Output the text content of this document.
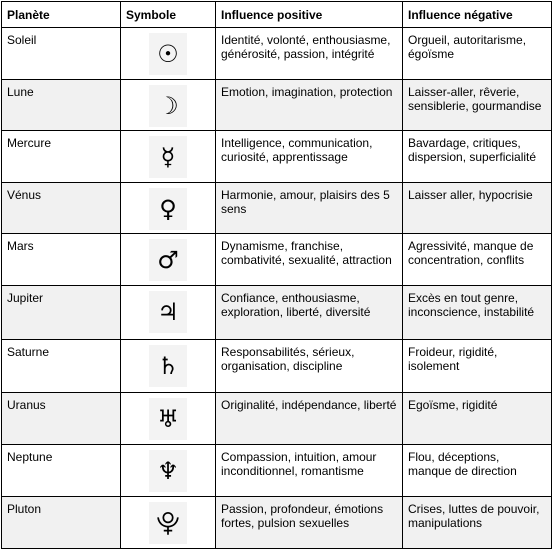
Planète	Symbole	Influence positive	Influence négative
Soleil	☉	Identité, volonté, enthousiasme, générosité, passion, intégrité	Orgueil, autoritarisme, égoïsme
Lune	☽	Emotion, imagination, protection	Laisser-aller, rêverie, sensiblerie, gourmandise
Mercure	☿	Intelligence, communication, curiosité, apprentissage	Bavardage, critiques, dispersion, superficialité
Vénus	♀	Harmonie, amour, plaisirs des 5 sens	Laisser aller, hypocrisie
Mars	♂	Dynamisme, franchise, combativité, sexualité, attraction	Agressivité, manque de concentration, conflits
Jupiter	♃	Confiance, enthousiasme, exploration, liberté, diversité	Excès en tout genre, inconscience, instabilité
Saturne	♄	Responsabilités, sérieux, organisation, discipline	Froideur, rigidité, isolement
Uranus	♅	Originalité, indépendance, liberté	Egoïsme, rigidité
Neptune	♆	Compassion, intuition, amour inconditionnel, romantisme	Flou, déceptions, manque de direction
Pluton	⯓	Passion, profondeur, émotions fortes, pulsion sexuelles	Crises, luttes de pouvoir, manipulations
